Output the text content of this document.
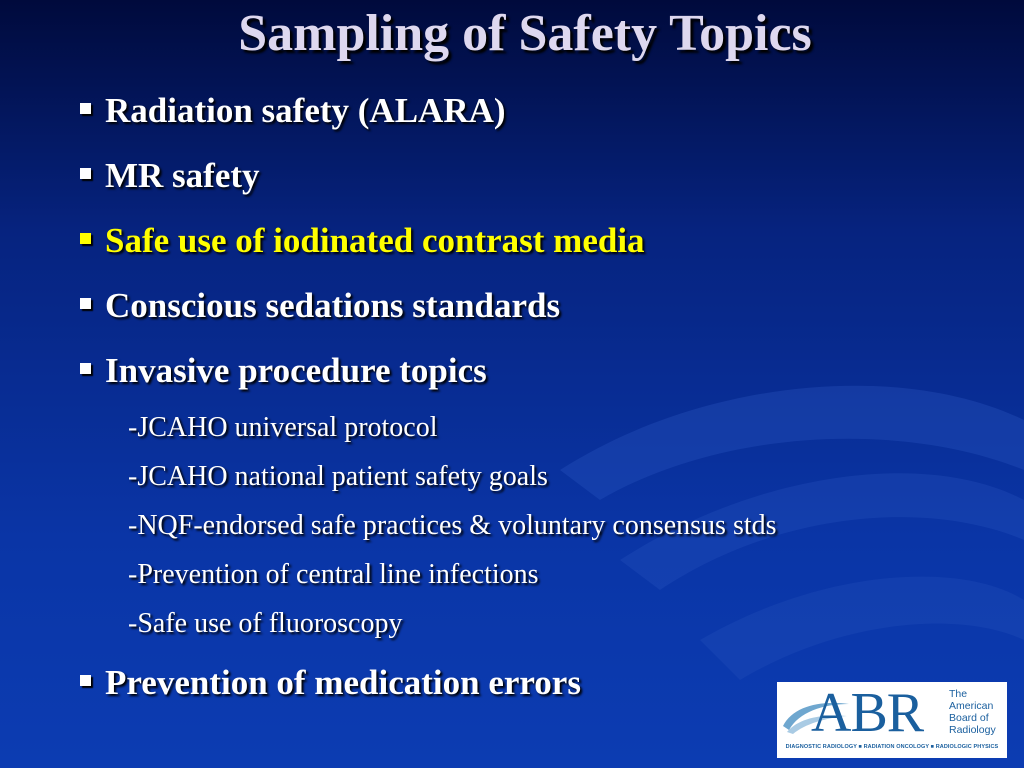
Sampling of Safety Topics
Radiation safety (ALARA)
MR safety
Safe use of iodinated contrast media
Conscious sedations standards
Invasive procedure topics
-JCAHO universal protocol
-JCAHO national patient safety goals
-NQF-endorsed safe practices & voluntary consensus stds
-Prevention of central line infections
-Safe use of fluoroscopy
Prevention of medication errors	ABR The American Board of Radiology
DIAGNOSTIC RADIOLOGY ■ RADIATION ONCOLOGY ■ RADIOLOGIC PHYSICS
